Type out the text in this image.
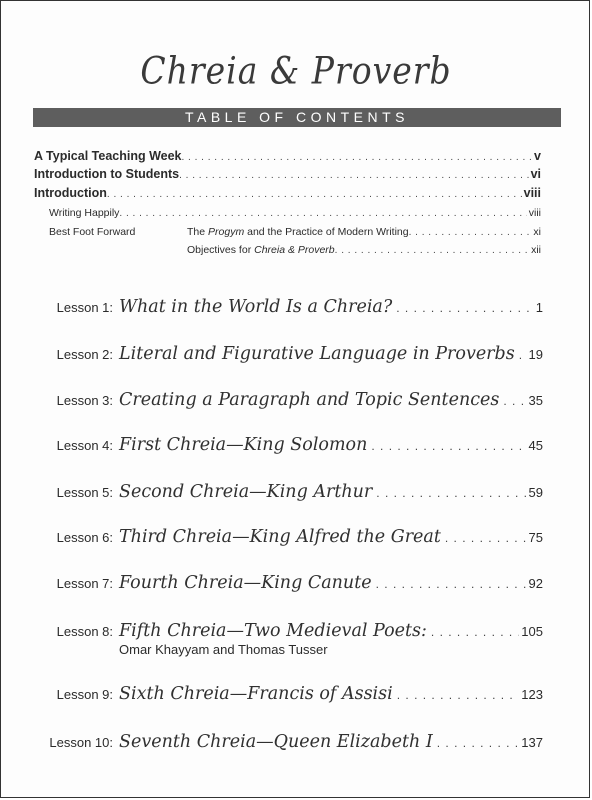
Chreia & Proverb
TABLE OF CONTENTS
A Typical Teaching Week . . .	v
Introduction to Students . . .	vi
Introduction . . .	viii
Writing Happily . . .	viii
Best Foot Forward	The Progym and the Practice of Modern Writing . . .	xi
Objectives for Chreia & Proverb . . .	xii
Lesson 1: What in the World Is a Chreia? . . .	1
Lesson 2: Literal and Figurative Language in Proverbs . . . 19
Lesson 3: Creating a Paragraph and Topic Sentences . . . 35
Lesson 4: First Chreia—King Solomon . . .	45
Lesson 5: Second Chreia—King Arthur . . .	59
Lesson 6: Third Chreia—King Alfred the Great . . .	75
Lesson 7: Fourth Chreia—King Canute . . .	92
Lesson 8: Fifth Chreia—Two Medieval Poets: . . .	105
Omar Khayyam and Thomas Tusser
Lesson 9: Sixth Chreia—Francis of Assisi . . .	123
Lesson 10: Seventh Chreia—Queen Elizabeth I . . .	137
